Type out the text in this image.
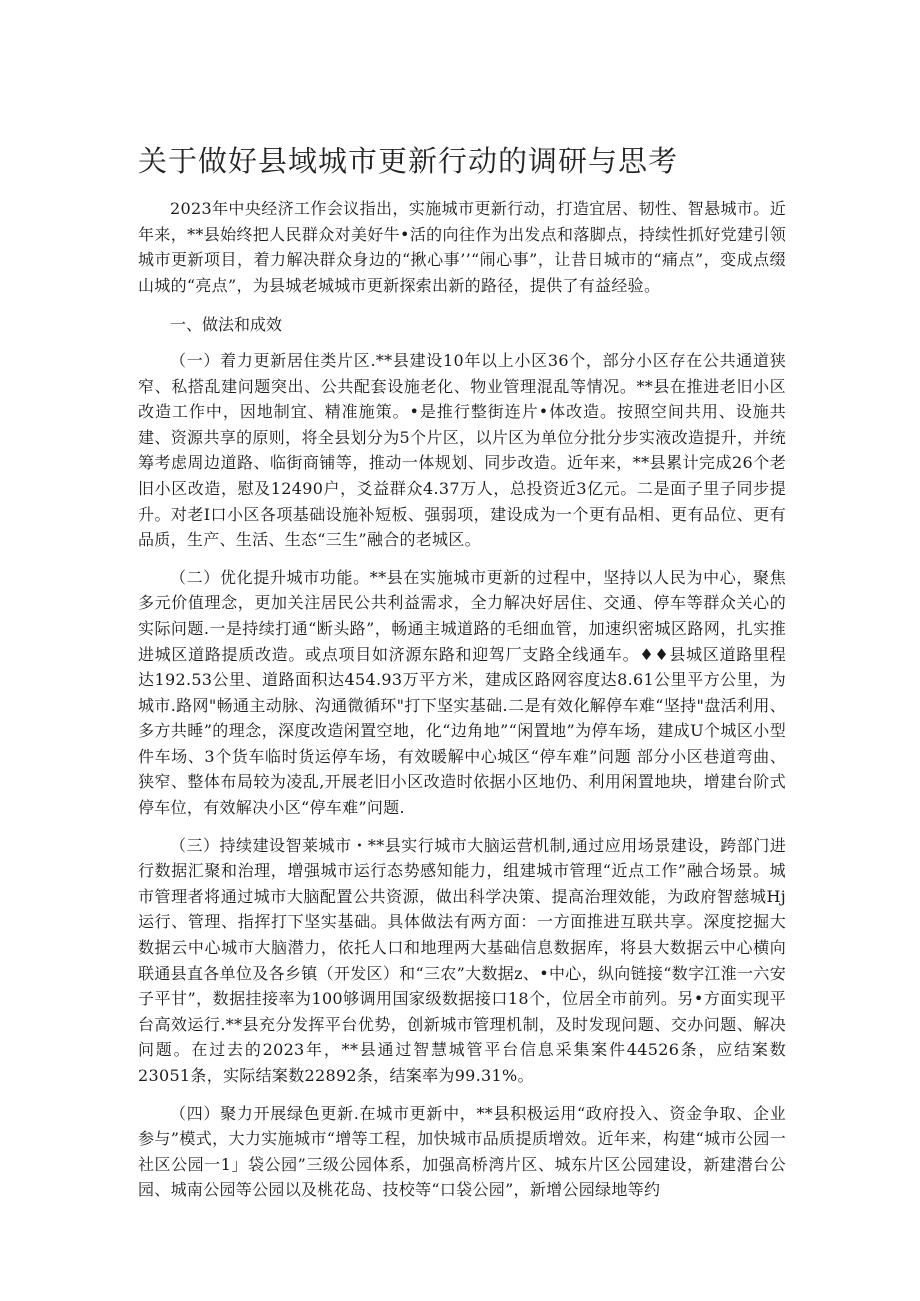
关于做好县域城市更新行动的调研与思考

2023年中央经济工作会议指出，实施城市更新行动，打造宜居、韧性、智悬城市。近年来，**县始终把人民群众对美好牛•活的向往作为出发点和落脚点，持续性抓好党建引领城市更新项目，着力解决群众身边的“揪心事’’“闹心事”，让昔日城市的“痛点”，变成点缀山城的“亮点”，为县城老城城市更新探索出新的路径，提供了有益经验。

一、做法和成效

（一）着力更新居住类片区.**县建设10年以上小区36个，部分小区存在公共通道狭窄、私搭乱建问题突出、公共配套设施老化、物业管理混乱等情况。**县在推进老旧小区改造工作中，因地制宜、精准施策。•是推行整街连片•体改造。按照空间共用、设施共建、资源共享的原则，将全县划分为5个片区，以片区为单位分批分步实液改造提升，并统筹考虑周边道路、临街商铺等，推动一体规划、同步改造。近年来，**县累计完成26个老旧小区改造，慰及12490户，爻益群众4.37万人，总投资近3亿元。二是面子里子同步提升。对老I口小区各项基础设施补短板、强弱项，建设成为一个更有品相、更有品位、更有品质，生产、生活、生态“三生”融合的老城区。

（二）优化提升城市功能。**县在实施城市更新的过程中，坚持以人民为中心，聚焦多元价值理念，更加关注居民公共利益需求，全力解决好居住、交通、停车等群众关心的实际问题.一是持续打通“断头路”，畅通主城道路的毛细血管，加速织密城区路网，扎实推进城区道路提质改造。或点项目如济源东路和迎驾厂支路全线通车。♦♦县城区道路里程达192.53公里、道路面积达454.93万平方米，建成区路网容度达8.61公里平方公里，为城市.路网"畅通主动脉、沟通微循环"打下坚实基础.二是有效化解停车难“坚持"盘活利用、多方共睡”的理念，深度改造闲置空地，化“边角地”“闲置地”为停车场，建成U个城区小型件车场、3个货车临时货运停车场，有效暖解中心城区“停车难”问题 部分小区巷道弯曲、狭窄、整体布局较为凌乱,开展老旧小区改造时依据小区地仍、利用闲置地块，增建台阶式停车位，有效解决小区“停车难”问题.

（三）持续建设智莱城市・**县实行城市大脑运营机制,通过应用场景建设，跨部门进行数据汇聚和治理，增强城市运行态势感知能力，组建城市管理“近点工作”融合场景。城市管理者将通过城市大脑配置公共资源，做出科学决策、提高治理效能，为政府智慈城Hj运行、管理、指挥打下坚实基础。具体做法有两方面：一方面推进互联共享。深度挖掘大数据云中心城市大脑潜力，依托人口和地理两大基础信息数据库，将县大数据云中心横向联通县直各单位及各乡镇（开发区）和“三农”大数据z、•中心，纵向链接“数字江淮一六安子平甘”，数据挂接率为100够调用国家级数据接口18个，位居全市前列。另•方面实现平台高效运行.**县充分发挥平台优势，创新城市管理机制，及时发现问题、交办问题、解决问题。在过去的2023年，**县通过智慧城管平台信息采集案件44526条，应结案数23051条，实际结案数22892条，结案率为99.31%。

（四）聚力开展绿色更新.在城市更新中，**县积极运用“政府投入、资金争取、企业参与”模式，大力实施城市“增等工程，加快城市品质提质增效。近年来，构建“城市公园一社区公园一1」袋公园”三级公园体系，加强高桥湾片区、城东片区公园建设，新建潜台公园、城南公园等公园以及桃花岛、技校等“口袋公园”，新增公园绿地等约
